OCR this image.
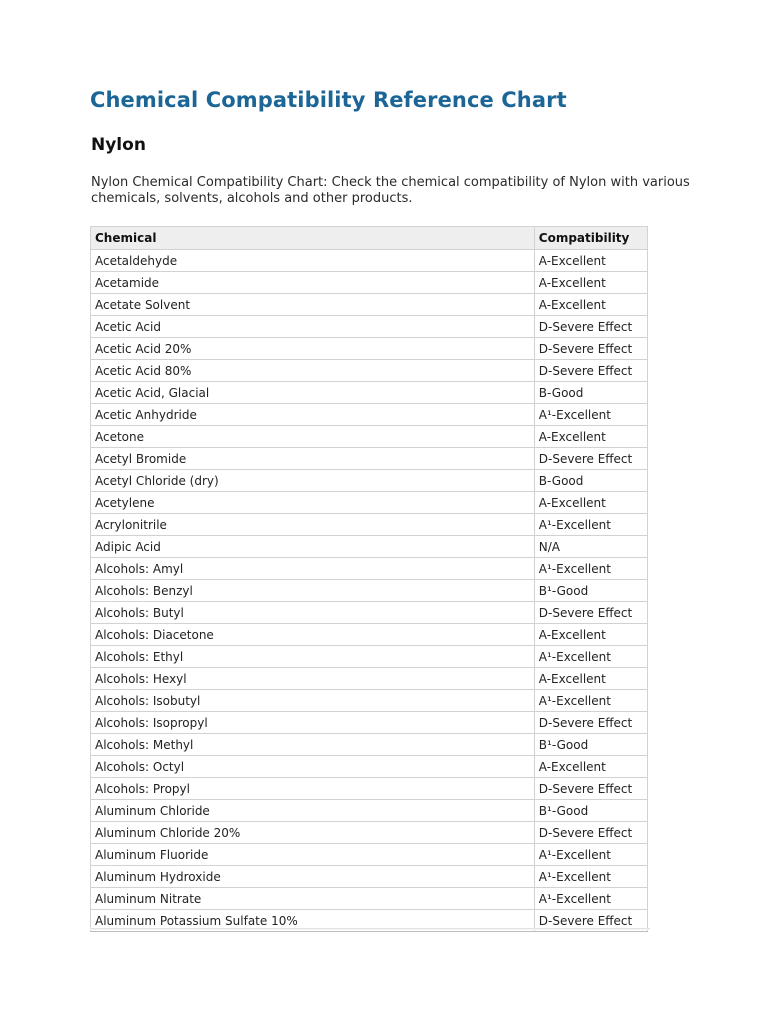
Chemical Compatibility Reference Chart
Nylon

Nylon Chemical Compatibility Chart: Check the chemical compatibility of Nylon with various chemicals, solvents, alcohols and other products.

Chemical	Compatibility
Acetaldehyde	A-Excellent
Acetamide	A-Excellent
Acetate Solvent	A-Excellent
Acetic Acid	D-Severe Effect
Acetic Acid 20%	D-Severe Effect
Acetic Acid 80%	D-Severe Effect
Acetic Acid, Glacial	B-Good
Acetic Anhydride	A¹-Excellent
Acetone	A-Excellent
Acetyl Bromide	D-Severe Effect
Acetyl Chloride (dry)	B-Good
Acetylene	A-Excellent
Acrylonitrile	A¹-Excellent
Adipic Acid	N/A
Alcohols: Amyl	A¹-Excellent
Alcohols: Benzyl	B¹-Good
Alcohols: Butyl	D-Severe Effect
Alcohols: Diacetone	A-Excellent
Alcohols: Ethyl	A¹-Excellent
Alcohols: Hexyl	A-Excellent
Alcohols: Isobutyl	A¹-Excellent
Alcohols: Isopropyl	D-Severe Effect
Alcohols: Methyl	B¹-Good
Alcohols: Octyl	A-Excellent
Alcohols: Propyl	D-Severe Effect
Aluminum Chloride	B¹-Good
Aluminum Chloride 20%	D-Severe Effect
Aluminum Fluoride	A¹-Excellent
Aluminum Hydroxide	A¹-Excellent
Aluminum Nitrate	A¹-Excellent
Aluminum Potassium Sulfate 10%	D-Severe Effect
